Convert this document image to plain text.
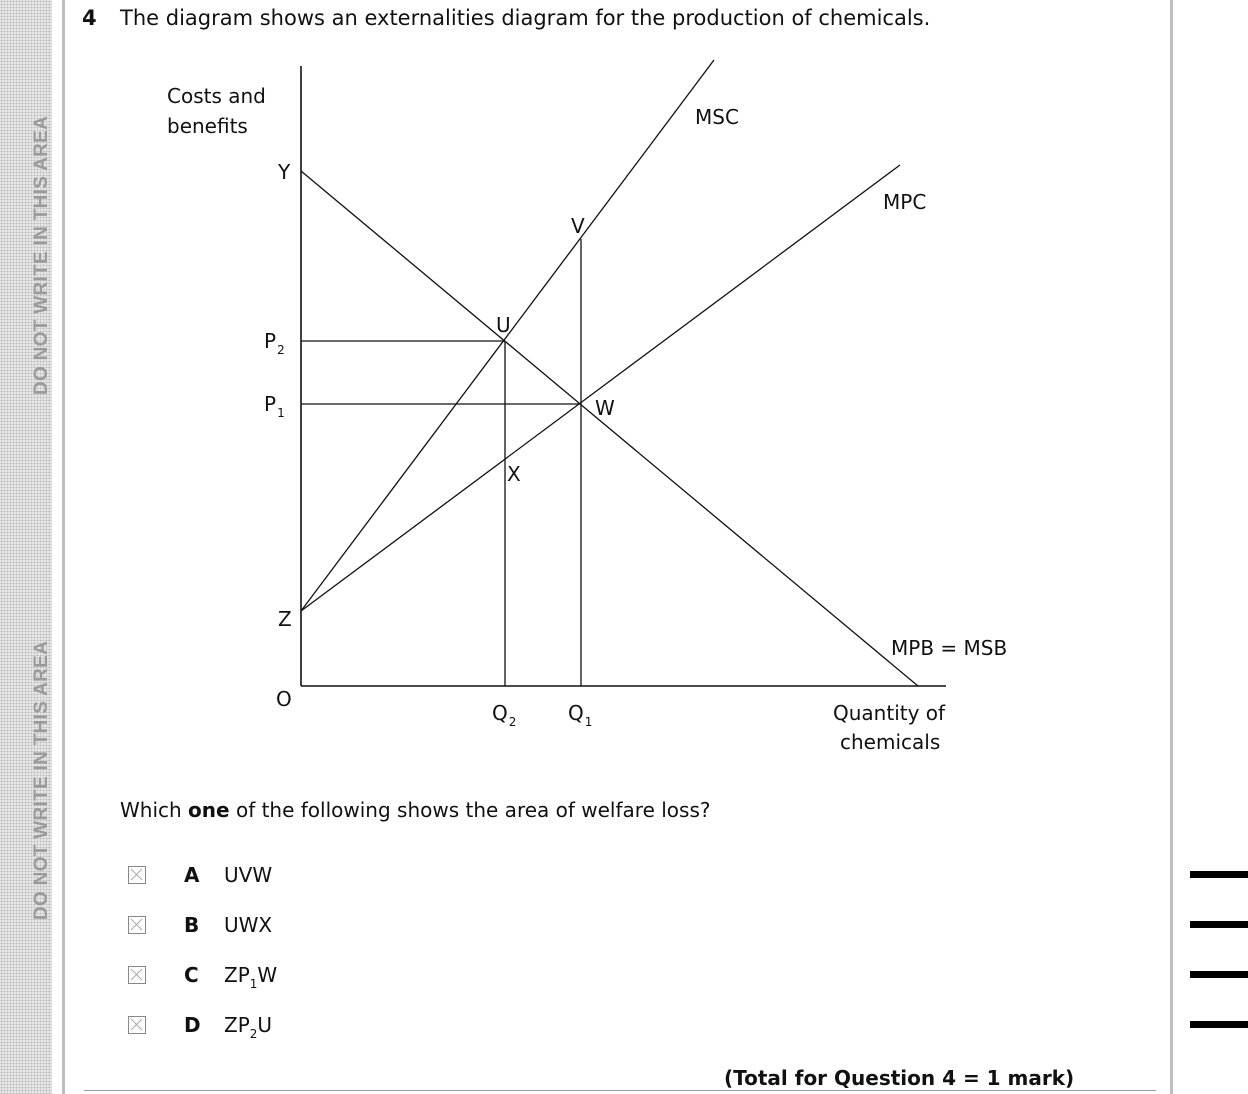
DO NOT WRITE IN THIS AREA
DO NOT WRITE IN THIS AREA
4 The diagram shows an externalities diagram for the production of chemicals.
Costs and
benefits
Quantity of
chemicals
O
Y
$P_2$
$P_1$
Z
$Q_2$	$Q_1$
MSC
MPC
MPB = MSB
U
V
W
X
Which one of the following shows the area of welfare loss?
A UVW
B UWX
C $ZP_1W$
D $ZP_2U$
(Total for Question 4 = 1 mark)
